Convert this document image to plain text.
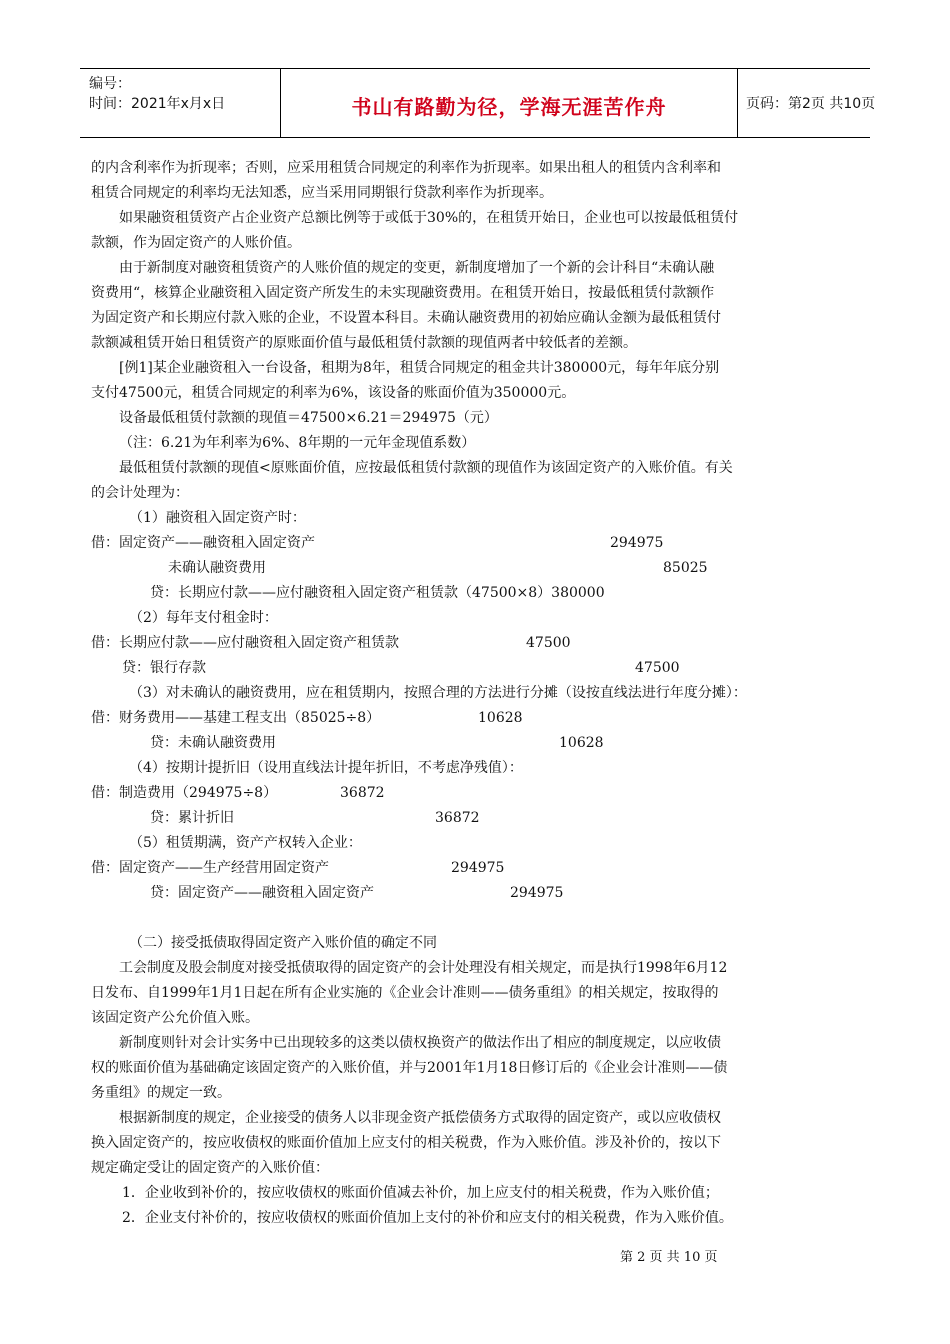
编号：
时间：2021年x月x日	书山有路勤为径，学海无涯苦作舟	页码：第2页 共10页
的内含利率作为折现率；否则，应采用租赁合同规定的利率作为折现率。如果出租人的租赁内含利率和
租赁合同规定的利率均无法知悉，应当采用同期银行贷款利率作为折现率。
如果融资租赁资产占企业资产总额比例等于或低于30%的，在租赁开始日，企业也可以按最低租赁付
款额，作为固定资产的人账价值。
由于新制度对融资租赁资产的人账价值的规定的变更，新制度增加了一个新的会计科目“未确认融
资费用“，核算企业融资租入固定资产所发生的未实现融资费用。在租赁开始日，按最低租赁付款额作
为固定资产和长期应付款入账的企业，不设置本科目。未确认融资费用的初始应确认金额为最低租赁付
款额减租赁开始日租赁资产的原账面价值与最低租赁付款额的现值两者中较低者的差额。
[例1]某企业融资租入一台设备，租期为8年，租赁合同规定的租金共计380000元，每年年底分别
支付47500元，租赁合同规定的利率为6%，该设备的账面价值为350000元。
设备最低租赁付款额的现值＝47500×6.21＝294975（元）
（注：6.21为年利率为6%、8年期的一元年金现值系数）
最低租赁付款额的现值<原账面价值，应按最低租赁付款额的现值作为该固定资产的入账价值。有关
的会计处理为：
（1）融资租入固定资产时：
借：固定资产——融资租入固定资产	294975
未确认融资费用	85025
贷：长期应付款——应付融资租入固定资产租赁款（47500×8）380000
（2）每年支付租金时：
借：长期应付款——应付融资租入固定资产租赁款	47500
贷：银行存款	47500
（3）对未确认的融资费用，应在租赁期内，按照合理的方法进行分摊（设按直线法进行年度分摊）：
借：财务费用——基建工程支出（85025÷8）	10628
贷：未确认融资费用	10628
（4）按期计提折旧（设用直线法计提年折旧，不考虑净残值）：
借：制造费用（294975÷8）	36872
贷：累计折旧	36872
（5）租赁期满，资产产权转入企业：
借：固定资产——生产经营用固定资产	294975
贷：固定资产——融资租入固定资产	294975
（二）接受抵债取得固定资产入账价值的确定不同
工会制度及股会制度对接受抵债取得的固定资产的会计处理没有相关规定，而是执行1998年6月12
日发布、自1999年1月1日起在所有企业实施的《企业会计准则——债务重组》的相关规定，按取得的
该固定资产公允价值入账。
新制度则针对会计实务中已出现较多的这类以债权换资产的做法作出了相应的制度规定，以应收债
权的账面价值为基础确定该固定资产的入账价值，并与2001年1月18日修订后的《企业会计准则——债
务重组》的规定一致。
根据新制度的规定，企业接受的债务人以非现金资产抵偿债务方式取得的固定资产，或以应收债权
换入固定资产的，按应收债权的账面价值加上应支付的相关税费，作为入账价值。涉及补价的，按以下
规定确定受让的固定资产的入账价值：
1．企业收到补价的，按应收债权的账面价值减去补价，加上应支付的相关税费，作为入账价值；
2．企业支付补价的，按应收债权的账面价值加上支付的补价和应支付的相关税费，作为入账价值。
第 2 页 共 10 页
